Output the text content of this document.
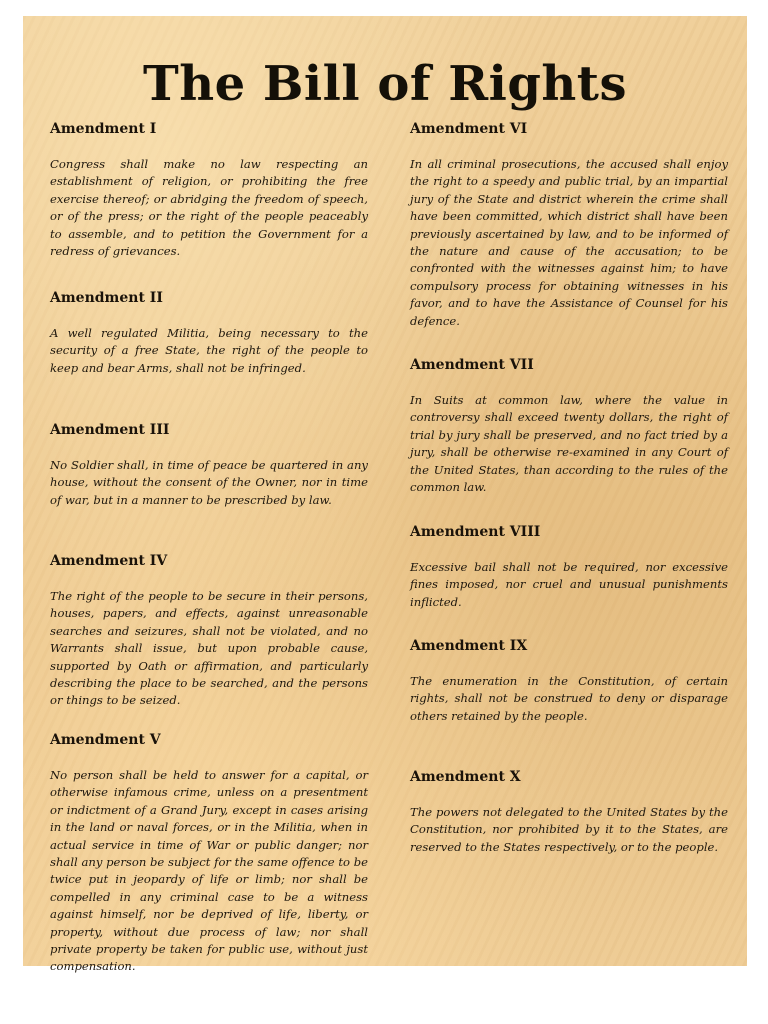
The Bill of Rights
Amendment I

Congress shall make no law respecting an establishment of religion, or prohibiting the free exercise thereof; or abridging the freedom of speech, or of the press; or the right of the people peaceably to assemble, and to petition the Government for a redress of grievances.

Amendment II

A well regulated Militia, being necessary to the security of a free State, the right of the people to keep and bear Arms, shall not be infringed.

Amendment III

No Soldier shall, in time of peace be quartered in any house, without the consent of the Owner, nor in time of war, but in a manner to be prescribed by law.

Amendment IV

The right of the people to be secure in their persons, houses, papers, and effects, against unreasonable searches and seizures, shall not be violated, and no Warrants shall issue, but upon probable cause, supported by Oath or affirmation, and particularly describing the place to be searched, and the persons or things to be seized.

Amendment V

No person shall be held to answer for a capital, or otherwise infamous crime, unless on a presentment or indictment of a Grand Jury, except in cases arising in the land or naval forces, or in the Militia, when in actual service in time of War or public danger; nor shall any person be subject for the same offence to be twice put in jeopardy of life or limb; nor shall be compelled in any criminal case to be a witness against himself, nor be deprived of life, liberty, or property, without due process of law; nor shall private property be taken for public use, without just compensation.

Amendment VI

In all criminal prosecutions, the accused shall enjoy the right to a speedy and public trial, by an impartial jury of the State and district wherein the crime shall have been committed, which district shall have been previously ascertained by law, and to be informed of the nature and cause of the accusation; to be confronted with the witnesses against him; to have compulsory process for obtaining witnesses in his favor, and to have the Assistance of Counsel for his defence.

Amendment VII

In Suits at common law, where the value in controversy shall exceed twenty dollars, the right of trial by jury shall be preserved, and no fact tried by a jury, shall be otherwise re-examined in any Court of the United States, than according to the rules of the common law.

Amendment VIII

Excessive bail shall not be required, nor excessive fines imposed, nor cruel and unusual punishments inflicted.

Amendment IX

The enumeration in the Constitution, of certain rights, shall not be construed to deny or disparage others retained by the people.

Amendment X

The powers not delegated to the United States by the Constitution, nor prohibited by it to the States, are reserved to the States respectively, or to the people.
